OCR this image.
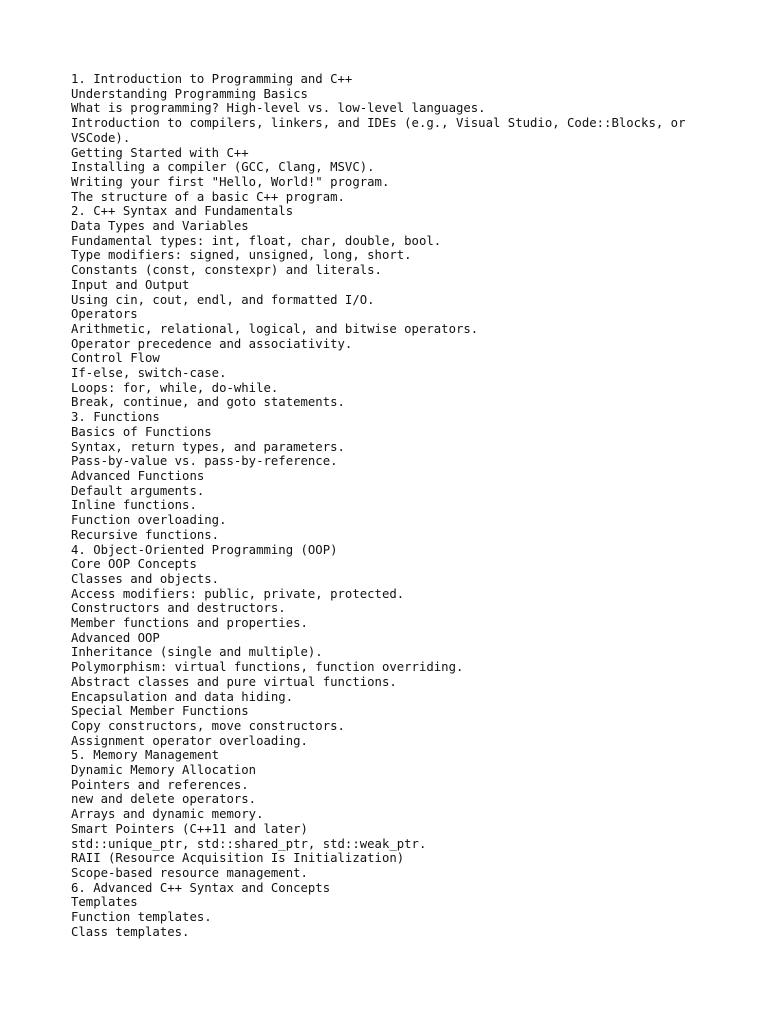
1. Introduction to Programming and C++

Understanding Programming Basics

What is programming? High-level vs. low-level languages.

Introduction to compilers, linkers, and IDEs (e.g., Visual Studio, Code::Blocks, or VSCode).

Getting Started with C++

Installing a compiler (GCC, Clang, MSVC).

Writing your first "Hello, World!" program.

The structure of a basic C++ program.

2. C++ Syntax and Fundamentals

Data Types and Variables

Fundamental types: int, float, char, double, bool.

Type modifiers: signed, unsigned, long, short.

Constants (const, constexpr) and literals.

Input and Output

Using cin, cout, endl, and formatted I/O.

Operators

Arithmetic, relational, logical, and bitwise operators.

Operator precedence and associativity.

Control Flow

If-else, switch-case.

Loops: for, while, do-while.

Break, continue, and goto statements.

3. Functions

Basics of Functions

Syntax, return types, and parameters.

Pass-by-value vs. pass-by-reference.

Advanced Functions

Default arguments.

Inline functions.

Function overloading.

Recursive functions.

4. Object-Oriented Programming (OOP)

Core OOP Concepts

Classes and objects.

Access modifiers: public, private, protected.

Constructors and destructors.

Member functions and properties.

Advanced OOP

Inheritance (single and multiple).

Polymorphism: virtual functions, function overriding.

Abstract classes and pure virtual functions.

Encapsulation and data hiding.

Special Member Functions

Copy constructors, move constructors.

Assignment operator overloading.

5. Memory Management

Dynamic Memory Allocation

Pointers and references.

new and delete operators.

Arrays and dynamic memory.

Smart Pointers (C++11 and later)

std::unique_ptr, std::shared_ptr, std::weak_ptr.

RAII (Resource Acquisition Is Initialization)

Scope-based resource management.

6. Advanced C++ Syntax and Concepts

Templates

Function templates.

Class templates.
